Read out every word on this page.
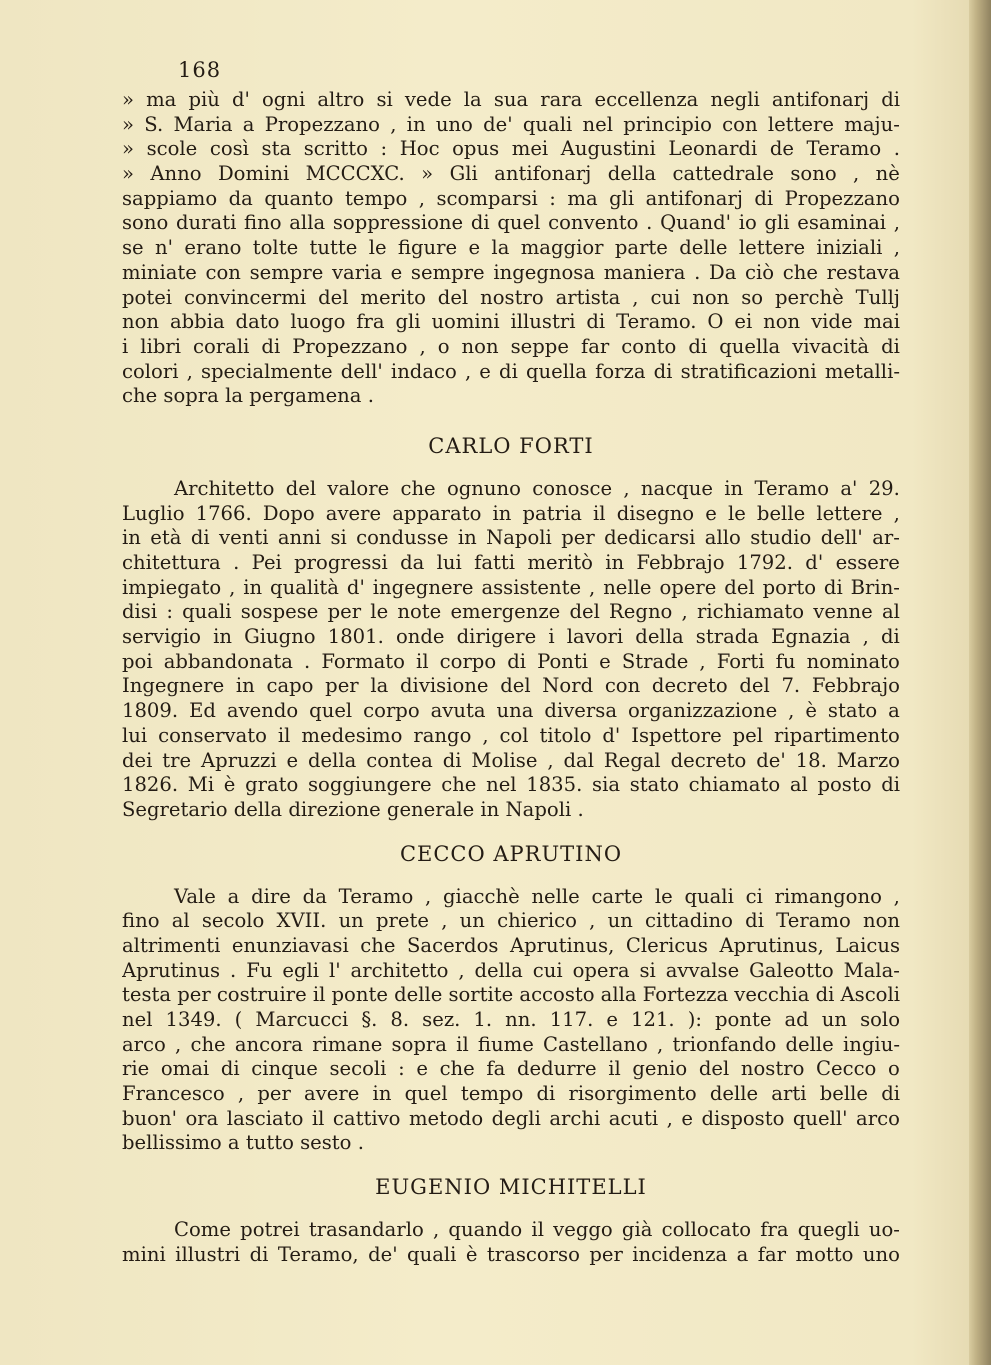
168
» ma più d' ogni altro si vede la sua rara eccellenza negli antifonarj di
» S. Maria a Propezzano , in uno de' quali nel principio con lettere maju-
» scole così sta scritto : Hoc opus mei Augustini Leonardi de Teramo .
» Anno Domini MCCCXC. » Gli antifonarj della cattedrale sono , nè
sappiamo da quanto tempo , scomparsi : ma gli antifonarj di Propezzano
sono durati fino alla soppressione di quel convento . Quand' io gli esaminai ,
se n' erano tolte tutte le figure e la maggior parte delle lettere iniziali ,
miniate con sempre varia e sempre ingegnosa maniera . Da ciò che restava
potei convincermi del merito del nostro artista , cui non so perchè Tullj
non abbia dato luogo fra gli uomini illustri di Teramo. O ei non vide mai
i libri corali di Propezzano , o non seppe far conto di quella vivacità di
colori , specialmente dell' indaco , e di quella forza di stratificazioni metalli-
che sopra la pergamena .
CARLO FORTI
Architetto del valore che ognuno conosce , nacque in Teramo a' 29.
Luglio 1766. Dopo avere apparato in patria il disegno e le belle lettere ,
in età di venti anni si condusse in Napoli per dedicarsi allo studio dell' ar-
chitettura . Pei progressi da lui fatti meritò in Febbrajo 1792. d' essere
impiegato , in qualità d' ingegnere assistente , nelle opere del porto di Brin-
disi : quali sospese per le note emergenze del Regno , richiamato venne al
servigio in Giugno 1801. onde dirigere i lavori della strada Egnazia , di
poi abbandonata . Formato il corpo di Ponti e Strade , Forti fu nominato
Ingegnere in capo per la divisione del Nord con decreto del 7. Febbrajo
1809. Ed avendo quel corpo avuta una diversa organizzazione , è stato a
lui conservato il medesimo rango , col titolo d' Ispettore pel ripartimento
dei tre Apruzzi e della contea di Molise , dal Regal decreto de' 18. Marzo
1826. Mi è grato soggiungere che nel 1835. sia stato chiamato al posto di
Segretario della direzione generale in Napoli .
CECCO APRUTINO
Vale a dire da Teramo , giacchè nelle carte le quali ci rimangono ,
fino al secolo XVII. un prete , un chierico , un cittadino di Teramo non
altrimenti enunziavasi che Sacerdos Aprutinus, Clericus Aprutinus, Laicus
Aprutinus . Fu egli l' architetto , della cui opera si avvalse Galeotto Mala-
testa per costruire il ponte delle sortite accosto alla Fortezza vecchia di Ascoli
nel 1349. ( Marcucci §. 8. sez. 1. nn. 117. e 121. ): ponte ad un solo
arco , che ancora rimane sopra il fiume Castellano , trionfando delle ingiu-
rie omai di cinque secoli : e che fa dedurre il genio del nostro Cecco o
Francesco , per avere in quel tempo di risorgimento delle arti belle di
buon' ora lasciato il cattivo metodo degli archi acuti , e disposto quell' arco
bellissimo a tutto sesto .
EUGENIO MICHITELLI
Come potrei trasandarlo , quando il veggo già collocato fra quegli uo-
mini illustri di Teramo, de' quali è trascorso per incidenza a far motto uno
